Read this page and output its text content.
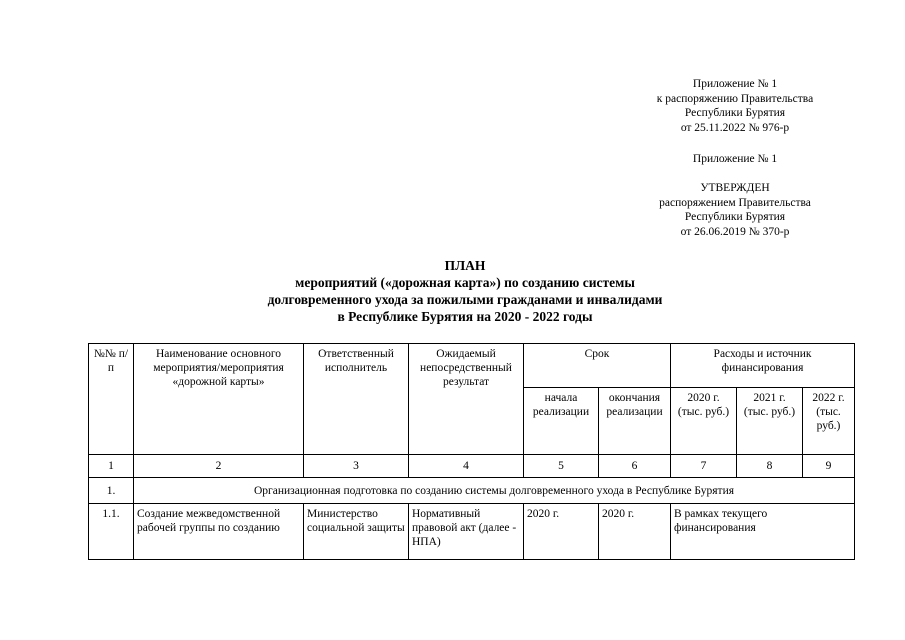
Приложение № 1
к распоряжению Правительства
Республики Бурятия
от 25.11.2022 № 976-р
Приложение № 1
УТВЕРЖДЕН
распоряжением Правительства
Республики Бурятия
от 26.06.2019 № 370-р
ПЛАН
мероприятий («дорожная карта») по созданию системы
долговременного ухода за пожилыми гражданами и инвалидами
в Республике Бурятия на 2020 - 2022 годы
№№ п/п	Наименование основного мероприятия/мероприятия «дорожной карты»	Ответственный исполнитель	Ожидаемый непосредственный результат	Срок		Расходы и источник финансирования		
				начала реализации	окончания реализации	2020 г. (тыс. руб.)	2021 г. (тыс. руб.)	2022 г. (тыс. руб.)
1	2	3	4	5	6	7	8	9
1.	Организационная подготовка по созданию системы долговременного ухода в Республике Бурятия							
1.1.	Создание межведомственной рабочей группы по созданию	Министерство социальной защиты	Нормативный правовой акт (далее - НПА)	2020 г.	2020 г.	В рамках текущего финансирования		
